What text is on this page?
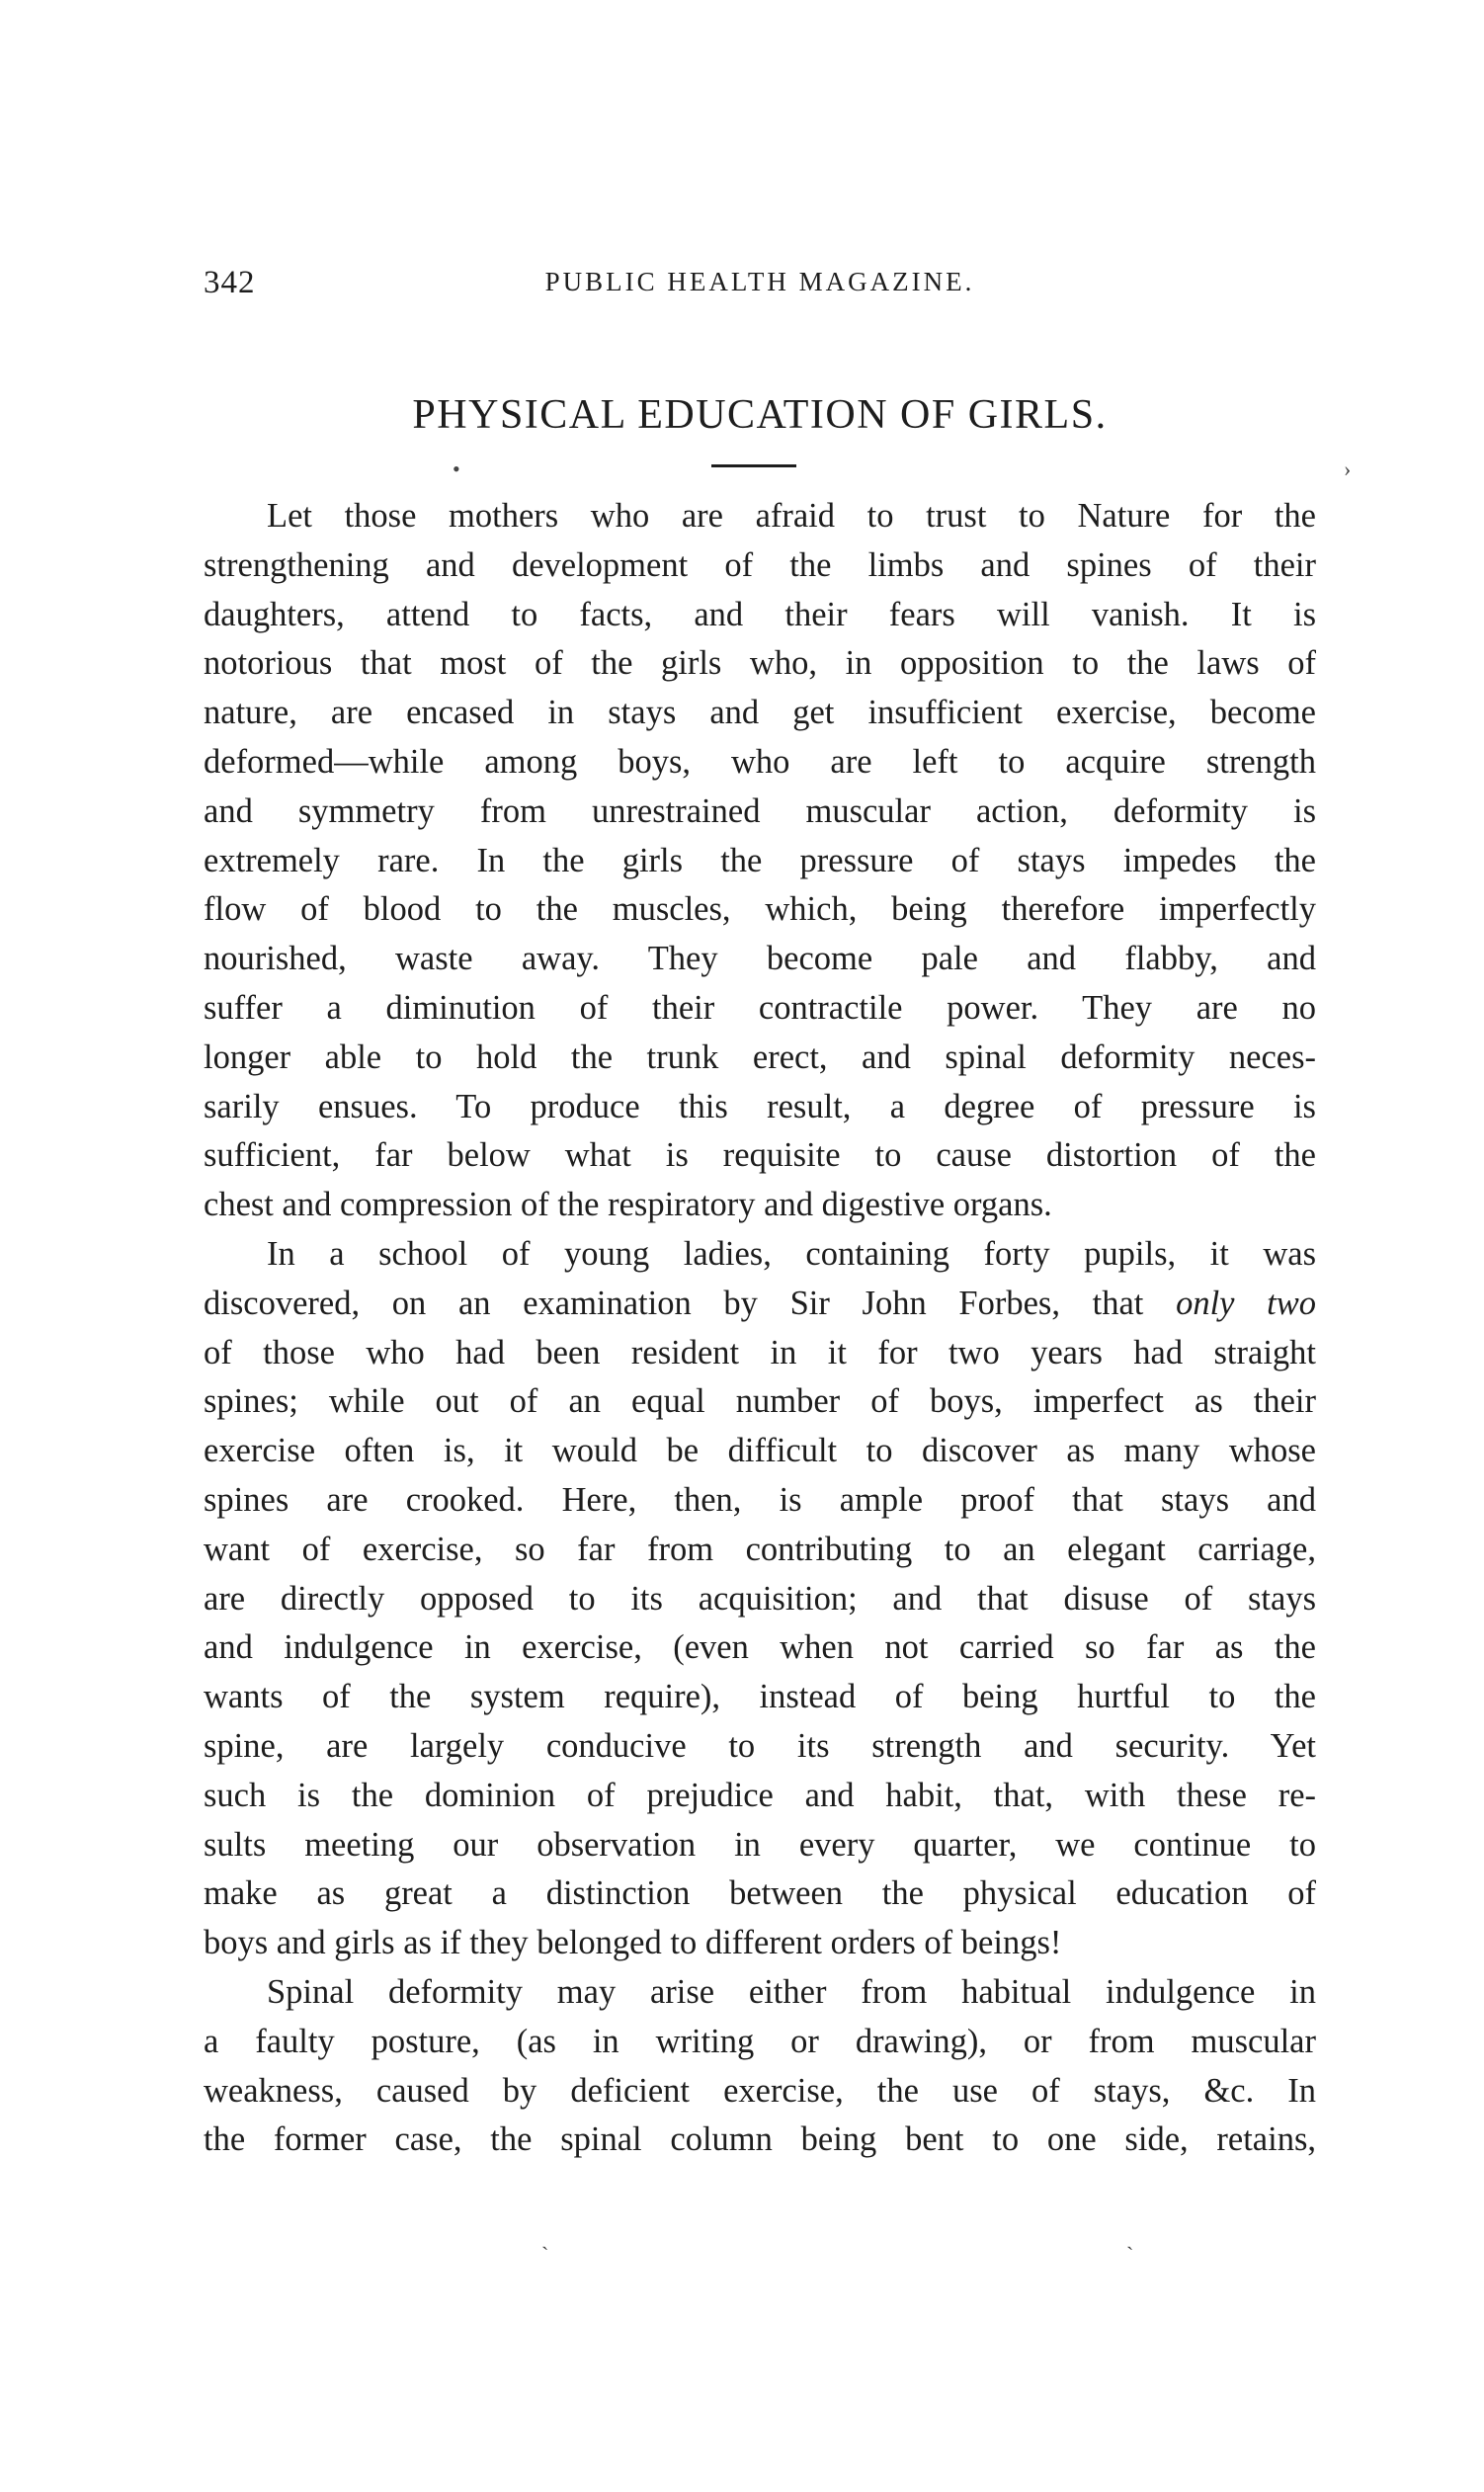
342	PUBLIC HEALTH MAGAZINE.
PHYSICAL EDUCATION OF GIRLS.
•	›
Let those mothers who are afraid to trust to Nature for the
strengthening and development of the limbs and spines of their
daughters, attend to facts, and their fears will vanish. It is
notorious that most of the girls who, in opposition to the laws of
nature, are encased in stays and get insufficient exercise, become
deformed—while among boys, who are left to acquire strength
and symmetry from unrestrained muscular action, deformity is
extremely rare. In the girls the pressure of stays impedes the
flow of blood to the muscles, which, being therefore imperfectly
nourished, waste away. They become pale and flabby, and
suffer a diminution of their contractile power. They are no
longer able to hold the trunk erect, and spinal deformity neces-
sarily ensues. To produce this result, a degree of pressure is
sufficient, far below what is requisite to cause distortion of the
chest and compression of the respiratory and digestive organs.
In a school of young ladies, containing forty pupils, it was
discovered, on an examination by Sir John Forbes, that only two
of those who had been resident in it for two years had straight
spines; while out of an equal number of boys, imperfect as their
exercise often is, it would be difficult to discover as many whose
spines are crooked. Here, then, is ample proof that stays and
want of exercise, so far from contributing to an elegant carriage,
are directly opposed to its acquisition; and that disuse of stays
and indulgence in exercise, (even when not carried so far as the
wants of the system require), instead of being hurtful to the
spine, are largely conducive to its strength and security. Yet
such is the dominion of prejudice and habit, that, with these re-
sults meeting our observation in every quarter, we continue to
make as great a distinction between the physical education of
boys and girls as if they belonged to different orders of beings!
Spinal deformity may arise either from habitual indulgence in
a faulty posture, (as in writing or drawing), or from muscular
weakness, caused by deficient exercise, the use of stays, &c. In
the former case, the spinal column being bent to one side, retains,
ˎ	ˏ
